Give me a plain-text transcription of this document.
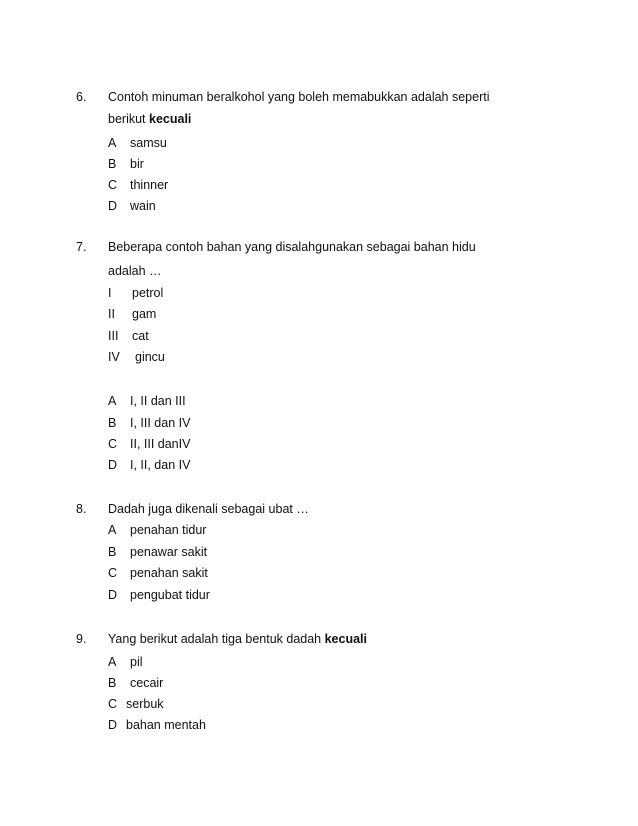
6. Contoh minuman beralkohol yang boleh memabukkan adalah seperti
berikut kecuali
A samsu
B bir
C thinner
D wain
7. Beberapa contoh bahan yang disalahgunakan sebagai bahan hidu
adalah …
I petrol
II gam
III cat
IV gincu
A I, II dan III
B I, III dan IV
C II, III danIV
D I, II, dan IV
8. Dadah juga dikenali sebagai ubat …
A penahan tidur
B penawar sakit
C penahan sakit
D pengubat tidur
9. Yang berikut adalah tiga bentuk dadah kecuali
A pil
B cecair
C serbuk
D bahan mentah
